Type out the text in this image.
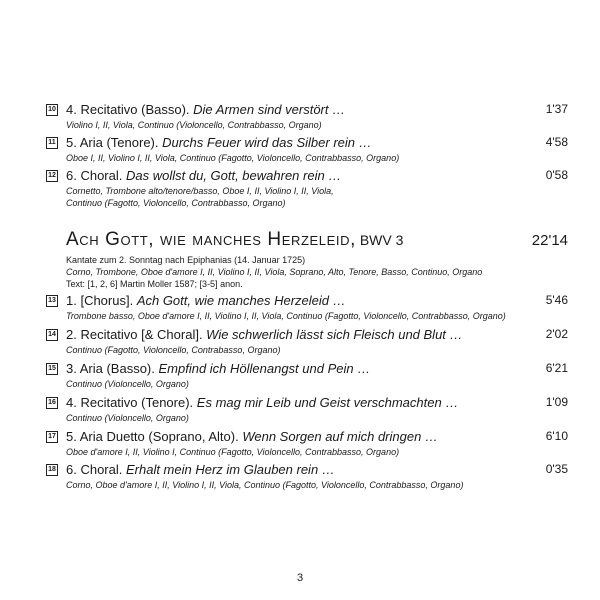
10 4. Recitativo (Basso). Die Armen sind verstört …	1'37
Violino I, II, Viola, Continuo (Violoncello, Contrabbasso, Organo)
11 5. Aria (Tenore). Durchs Feuer wird das Silber rein …	4'58
Oboe I, II, Violino I, II, Viola, Continuo (Fagotto, Violoncello, Contrabbasso, Organo)
12 6. Choral. Das wollst du, Gott, bewahren rein …	0'58
Cornetto, Trombone alto/tenore/basso, Oboe I, II, Violino I, II, Viola,
Continuo (Fagotto, Violoncello, Contrabbasso, Organo)
Ach Gott, wie manches Herzeleid, BWV 3	22'14
Kantate zum 2. Sonntag nach Epiphanias (14. Januar 1725)
Corno, Trombone, Oboe d'amore I, II, Violino I, II, Viola, Soprano, Alto, Tenore, Basso, Continuo, Organo
Text: [1, 2, 6] Martin Moller 1587; [3-5] anon.
13 1. [Chorus]. Ach Gott, wie manches Herzeleid …	5'46
Trombone basso, Oboe d'amore I, II, Violino I, II, Viola, Continuo (Fagotto, Violoncello, Contrabbasso, Organo)
14 2. Recitativo [& Choral]. Wie schwerlich lässt sich Fleisch und Blut …	2'02
Continuo (Fagotto, Violoncello, Contrabasso, Organo)
15 3. Aria (Basso). Empfind ich Höllenangst und Pein …	6'21
Continuo (Violoncello, Organo)
16 4. Recitativo (Tenore). Es mag mir Leib und Geist verschmachten …	1'09
Continuo (Violoncello, Organo)
17 5. Aria Duetto (Soprano, Alto). Wenn Sorgen auf mich dringen …	6'10
Oboe d'amore I, II, Violino I, Continuo (Fagotto, Violoncello, Contrabbasso, Organo)
18 6. Choral. Erhalt mein Herz im Glauben rein …	0'35
Corno, Oboe d'amore I, II, Violino I, II, Viola, Continuo (Fagotto, Violoncello, Contrabbasso, Organo)
3
